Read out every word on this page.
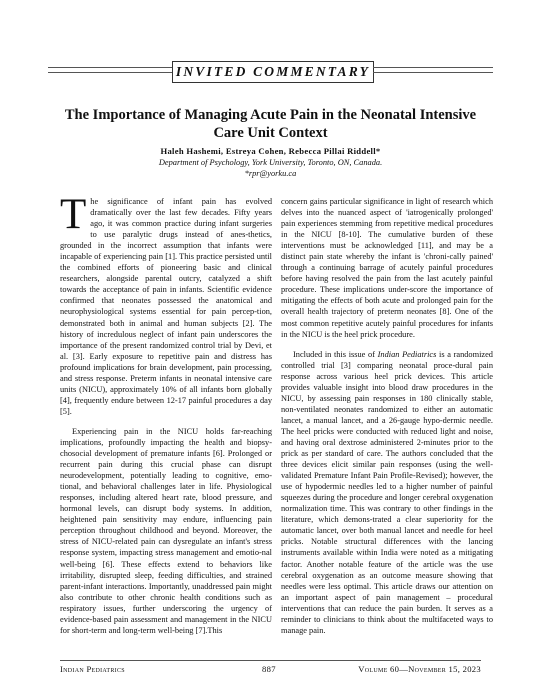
INVITED COMMENTARY
The Importance of Managing Acute Pain in the Neonatal Intensive Care Unit Context
Haleh Hashemi, Estreya Cohen, Rebecca Pillai Riddell*
Department of Psychology, York University, Toronto, ON, Canada.
*rpr@yorku.ca

The significance of infant pain has evolved dramatically over the last few decades. Fifty years ago, it was common practice during infant surgeries to use paralytic drugs instead of anes-thetics, grounded in the incorrect assumption that infants were incapable of experiencing pain [1]. This practice persisted until the combined efforts of pioneering basic and clinical researchers, alongside parental outcry, catalyzed a shift towards the acceptance of pain in infants. Scientific evidence confirmed that neonates possessed the anatomical and neurophysiological systems essential for pain percep-tion, demonstrated both in animal and human subjects [2]. The history of incredulous neglect of infant pain underscores the importance of the present randomized control trial by Devi, et al. [3]. Early exposure to repetitive pain and distress has profound implications for brain development, pain processing, and stress response. Preterm infants in neonatal intensive care units (NICU), approximately 10% of all infants born globally [4], frequently endure between 12-17 painful procedures a day [5].

Experiencing pain in the NICU holds far-reaching implications, profoundly impacting the health and biopsy-chosocial development of premature infants [6]. Prolonged or recurrent pain during this crucial phase can disrupt neurodevelopment, potentially leading to cognitive, emo-tional, and behavioral challenges later in life. Physiological responses, including altered heart rate, blood pressure, and hormonal levels, can disrupt body systems. In addition, heightened pain sensitivity may endure, influencing pain perception throughout childhood and beyond. Moreover, the stress of NICU-related pain can dysregulate an infant's stress response system, impacting stress management and emotio-nal well-being [6]. These effects extend to behaviors like irritability, disrupted sleep, feeding difficulties, and strained parent-infant interactions. Importantly, unaddressed pain might also contribute to other chronic health conditions such as respiratory issues, further underscoring the urgency of evidence-based pain assessment and management in the NICU for short-term and long-term well-being [7].This

concern gains particular significance in light of research which delves into the nuanced aspect of 'iatrogenically prolonged' pain experiences stemming from repetitive medical procedures in the NICU [8-10]. The cumulative burden of these interventions must be acknowledged [11], and may be a distinct pain state whereby the infant is 'chroni-cally pained' through a continuing barrage of acutely painful procedures before having resolved the pain from the last acutely painful procedure. These implications under-score the importance of mitigating the effects of both acute and prolonged pain for the overall health trajectory of preterm neonates [8]. One of the most common repetitive acutely painful procedures for infants in the NICU is the heel prick procedure.

Included in this issue of Indian Pediatrics is a randomized controlled trial [3] comparing neonatal proce-dural pain response across various heel prick devices. This article provides valuable insight into blood draw procedures in the NICU, by assessing pain responses in 180 clinically stable, non-ventilated neonates randomized to either an automatic lancet, a manual lancet, and a 26-gauge hypo-dermic needle. The heel pricks were conducted with reduced light and noise, and having oral dextrose administered 2-minutes prior to the prick as per standard of care. The authors concluded that the three devices elicit similar pain responses (using the well-validated Premature Infant Pain Profile-Revised); however, the use of hypodermic needles led to a higher number of painful squeezes during the procedure and longer cerebral oxygenation normalization time. This was contrary to other findings in the literature, which demons-trated a clear superiority for the automatic lancet, over both manual lancet and needle for heel pricks. Notable structural differences with the lancing instruments available within India were noted as a mitigating factor. Another notable feature of the article was the use cerebral oxygenation as an outcome measure showing that needles were less optimal. This article draws our attention on an important aspect of pain management – procedural interventions that can reduce the pain burden. It serves as a reminder to clinicians to think about the multifaceted ways to manage pain.

Indian Pediatrics	887	Volume 60—November 15, 2023
